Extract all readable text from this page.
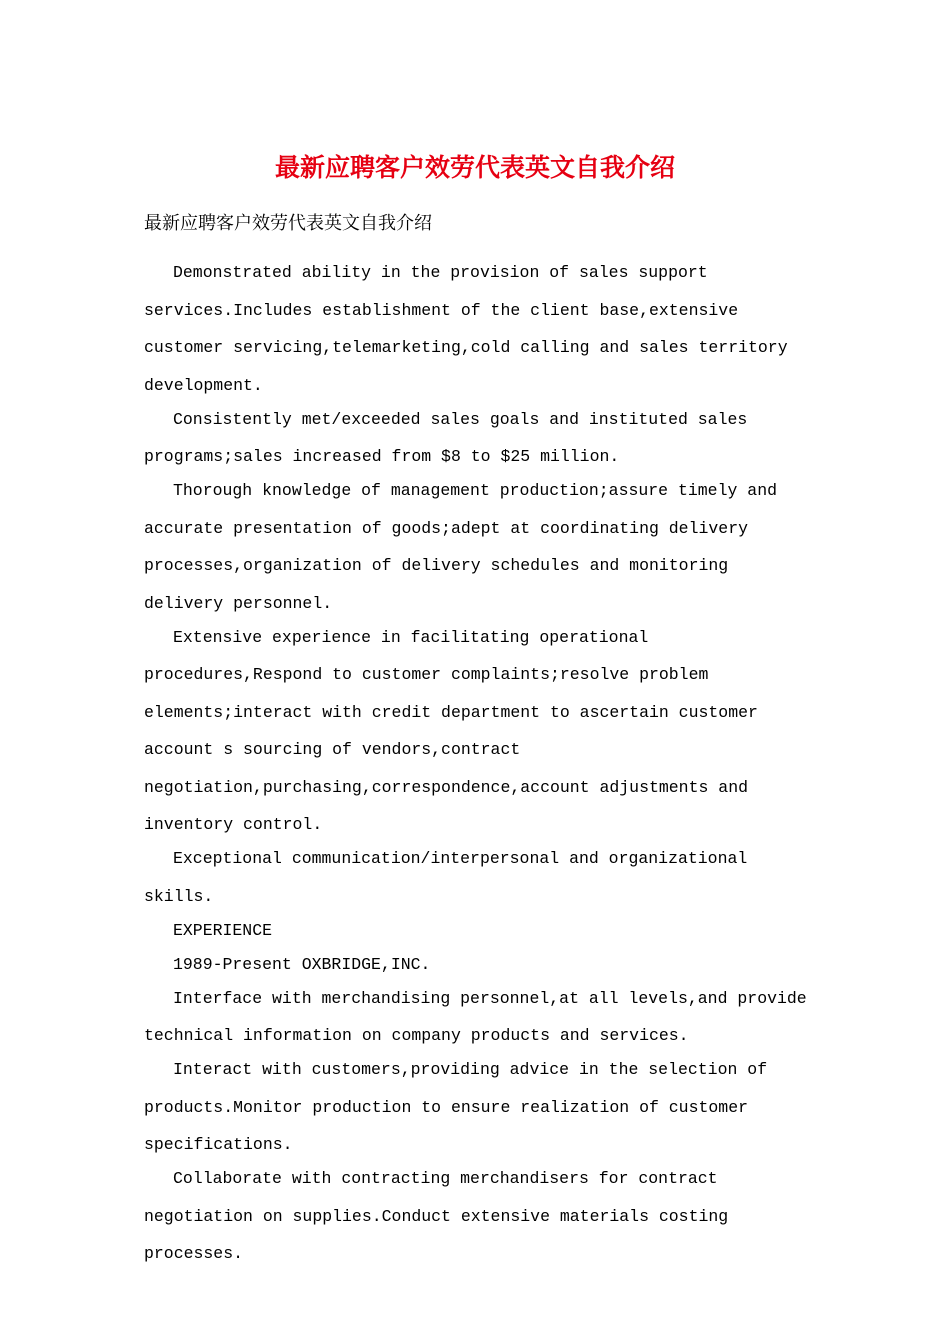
最新应聘客户效劳代表英文自我介绍
最新应聘客户效劳代表英文自我介绍

Demonstrated ability in the provision of sales support services.Includes establishment of the client base,extensive customer servicing,telemarketing,cold calling and sales territory development.

Consistently met/exceeded sales goals and instituted sales programs;sales increased from $8 to $25 million.

Thorough knowledge of management production;assure timely and accurate presentation of goods;adept at coordinating delivery processes,organization of delivery schedules and monitoring delivery personnel.

Extensive experience in facilitating operational procedures,Respond to customer complaints;resolve problem elements;interact with credit department to ascertain customer account s sourcing of vendors,contract negotiation,purchasing,correspondence,account adjustments and inventory control.

Exceptional communication/interpersonal and organizational skills.

EXPERIENCE

1989-Present OXBRIDGE,INC.

Interface with merchandising personnel,at all levels,and provide technical information on company products and services.

Interact with customers,providing advice in the selection of products.Monitor production to ensure realization of customer specifications.

Collaborate with contracting merchandisers for contract negotiation on supplies.Conduct extensive materials costing processes.
